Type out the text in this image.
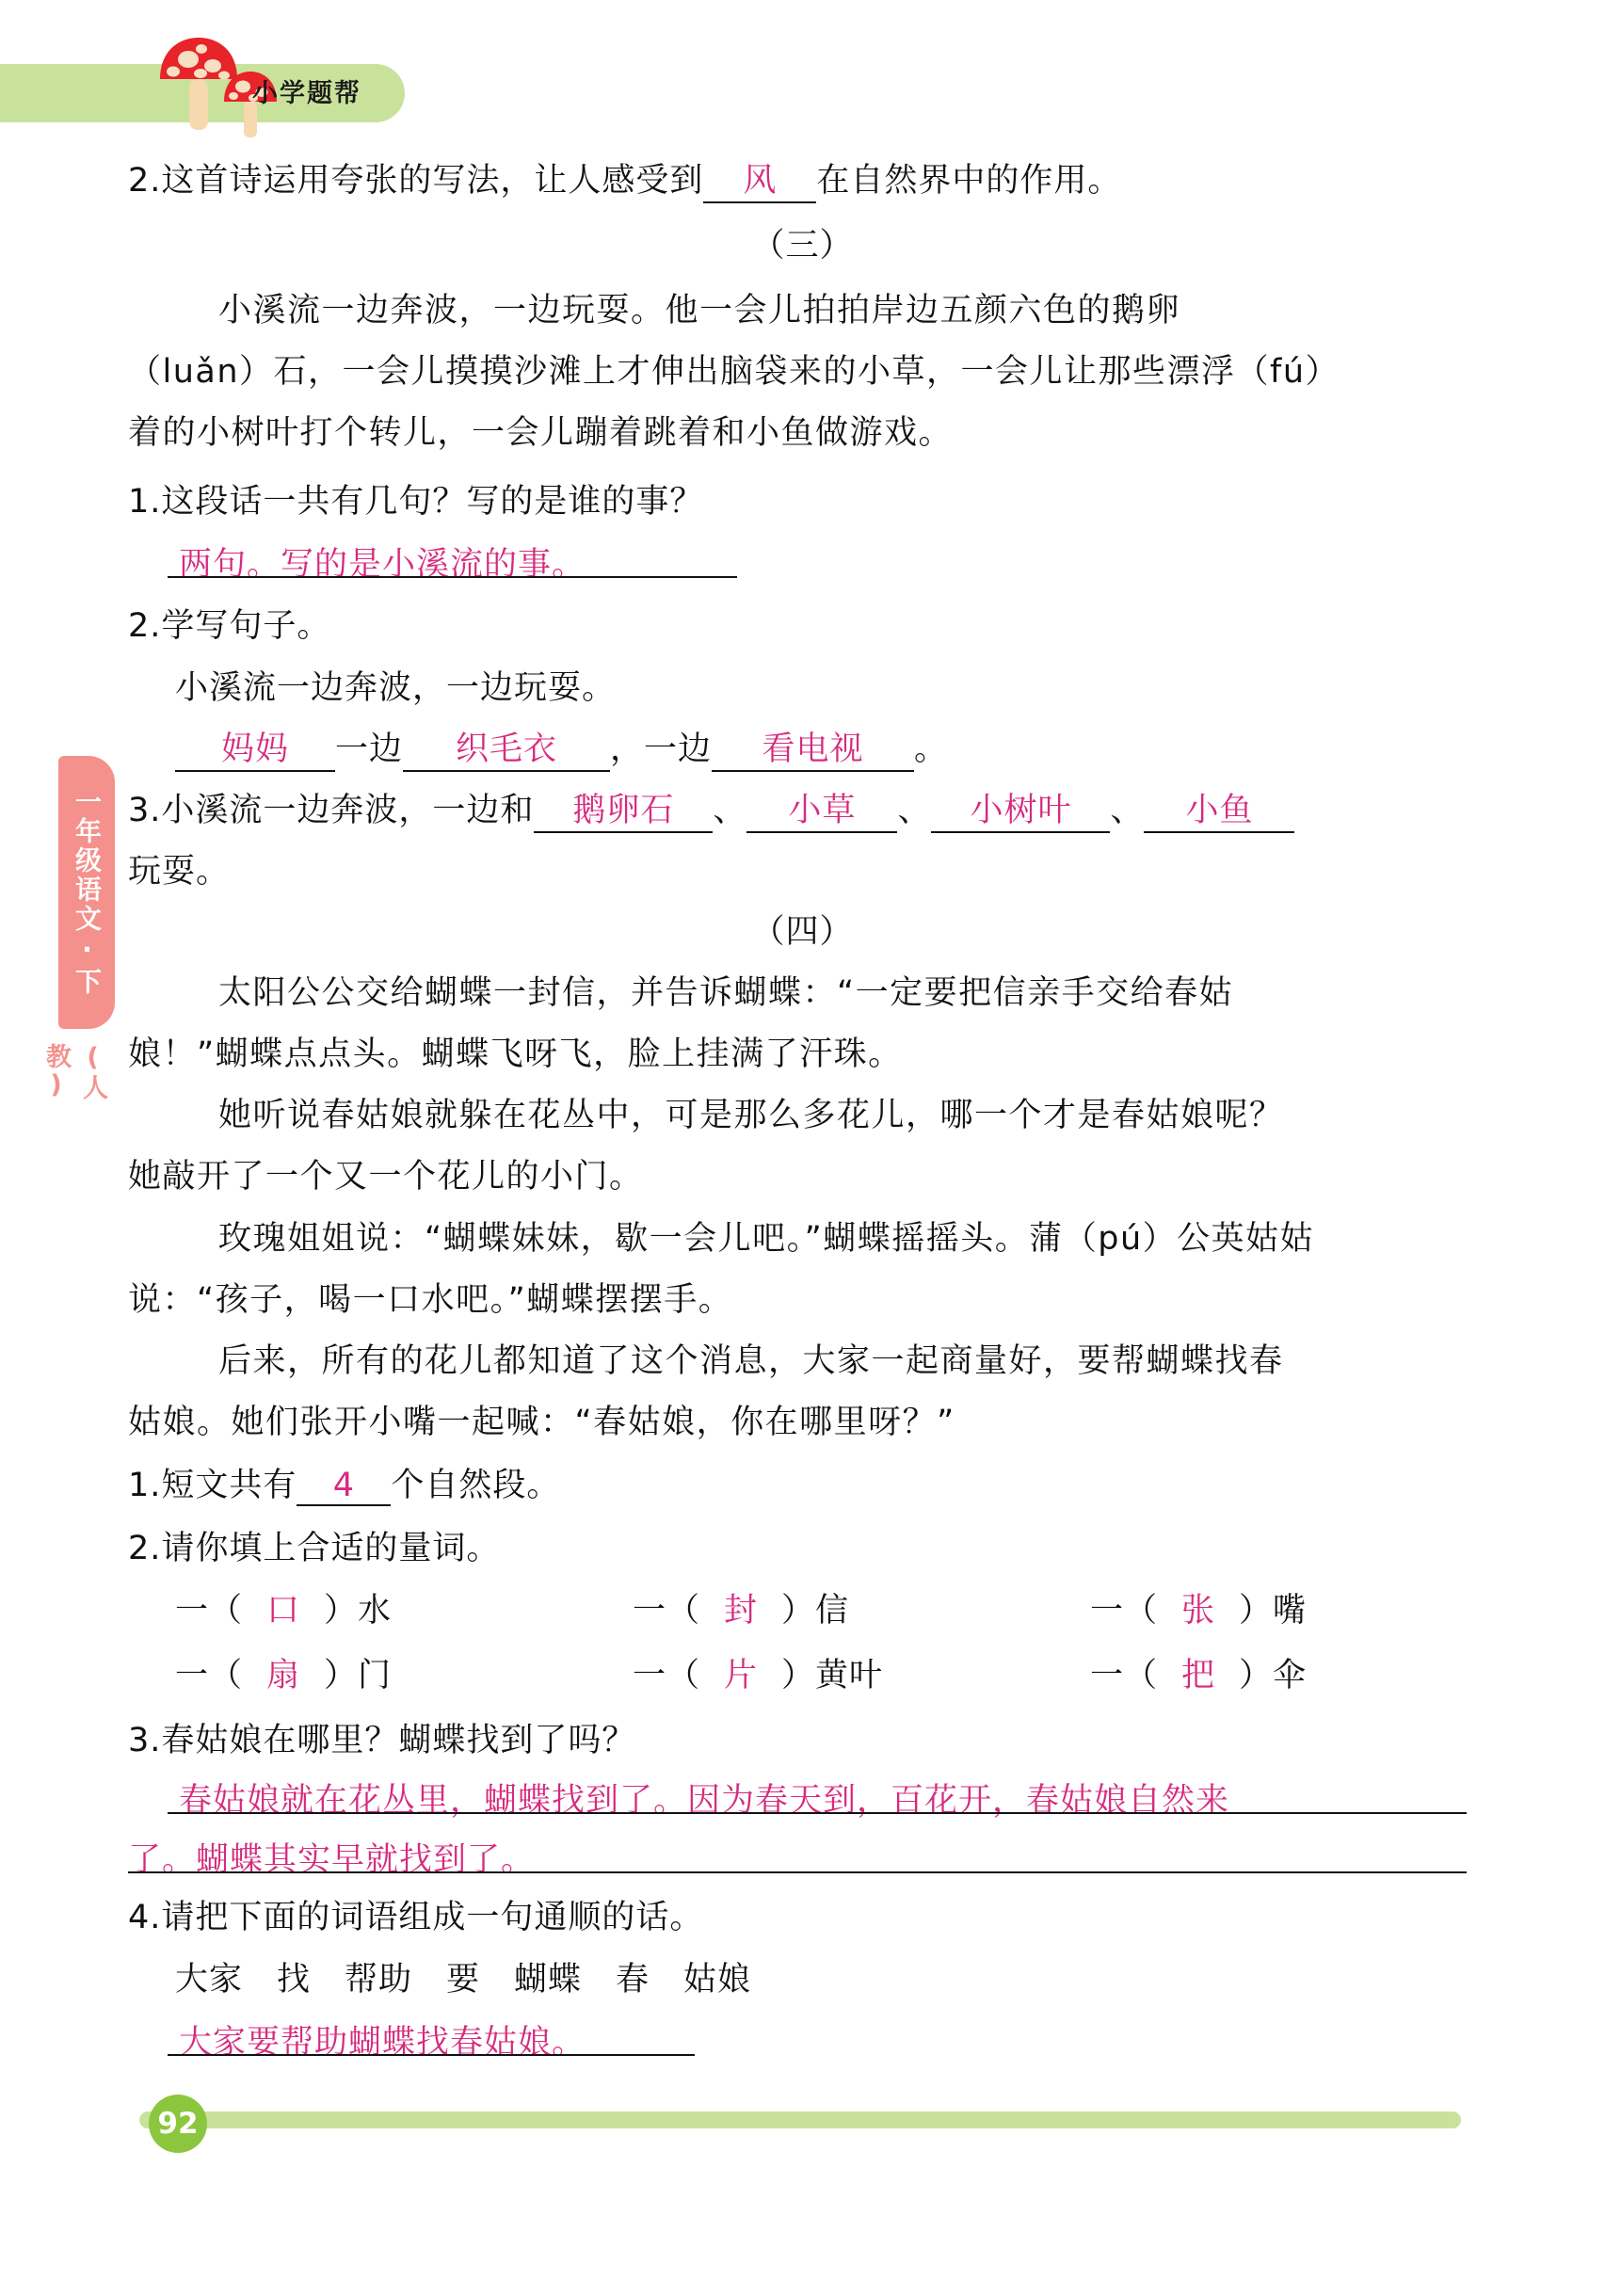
小学题帮
一年级语文·下
(人教)
2.这首诗运用夸张的写法，让人感受到 风 在自然界中的作用。
（三）
小溪流一边奔波，一边玩耍。他一会儿拍拍岸边五颜六色的鹅卵
（luǎn）石，一会儿摸摸沙滩上才伸出脑袋来的小草，一会儿让那些漂浮（fú）
着的小树叶打个转儿，一会儿蹦着跳着和小鱼做游戏。
1.这段话一共有几句？写的是谁的事？
两句。写的是小溪流的事。
2.学写句子。
小溪流一边奔波，一边玩耍。
妈妈 一边 织毛衣 ，一边 看电视 。
3.小溪流一边奔波，一边和 鹅卵石 、 小草 、 小树叶 、 小鱼
玩耍。
（四）
太阳公公交给蝴蝶一封信，并告诉蝴蝶：“一定要把信亲手交给春姑
娘！”蝴蝶点点头。蝴蝶飞呀飞，脸上挂满了汗珠。
她听说春姑娘就躲在花丛中，可是那么多花儿，哪一个才是春姑娘呢？
她敲开了一个又一个花儿的小门。
玫瑰姐姐说：“蝴蝶妹妹，歇一会儿吧。”蝴蝶摇摇头。蒲（pú）公英姑姑
说：“孩子，喝一口水吧。”蝴蝶摆摆手。
后来，所有的花儿都知道了这个消息，大家一起商量好，要帮蝴蝶找春
姑娘。她们张开小嘴一起喊：“春姑娘，你在哪里呀？”
1.短文共有 4 个自然段。
2.请你填上合适的量词。
一（ 口 ）水	一（ 封 ）信	一（ 张 ）嘴
一（ 扇 ）门	一（ 片 ）黄叶	一（ 把 ）伞
3.春姑娘在哪里？蝴蝶找到了吗？
春姑娘就在花丛里，蝴蝶找到了。因为春天到，百花开，春姑娘自然来
了。蝴蝶其实早就找到了。
4.请把下面的词语组成一句通顺的话。
大家　找　帮助　要　蝴蝶　春　姑娘
大家要帮助蝴蝶找春姑娘。
92
